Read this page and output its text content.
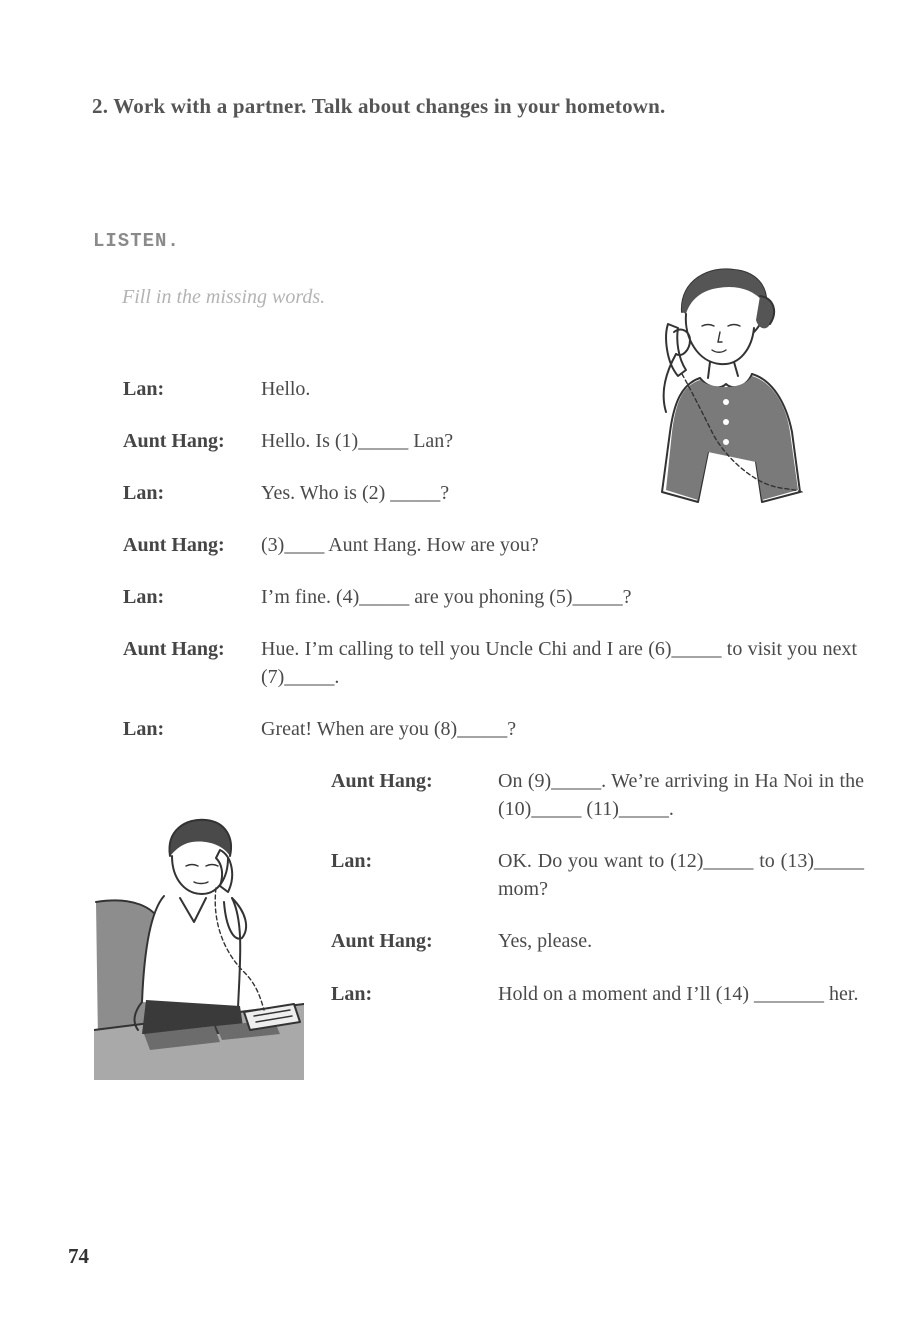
2. Work with a partner. Talk about changes in your hometown.
LISTEN.
Fill in the missing words.
Lan:	Hello.
Aunt Hang: Hello. Is (1)_____ Lan?
Lan:	Yes. Who is (2) _____?
Aunt Hang: (3)____ Aunt Hang. How are you?
Lan:	I’m fine. (4)_____ are you phoning (5)_____?
Aunt Hang: Hue. I’m calling to tell you Uncle Chi and I are (6)_____ to visit you next (7)_____.
Lan:	Great! When are you (8)_____?
Aunt Hang:	On (9)_____. We’re arriving in Ha Noi in the (10)_____ (11)_____.
Lan:	OK. Do you want to (12)_____ to (13)_____ mom?
Aunt Hang:	Yes, please.
Lan:	Hold on a moment and I’ll (14) _______ her.
74
